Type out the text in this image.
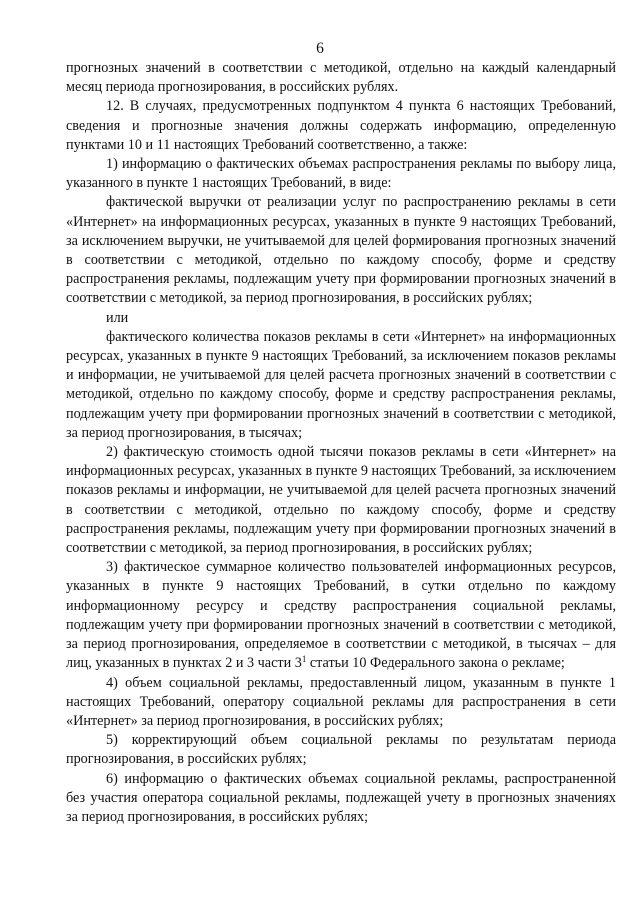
6

прогнозных значений в соответствии с методикой, отдельно на каждый календарный месяц периода прогнозирования, в российских рублях.

12. В случаях, предусмотренных подпунктом 4 пункта 6 настоящих Требований, сведения и прогнозные значения должны содержать информацию, определенную пунктами 10 и 11 настоящих Требований соответственно, а также:

1) информацию о фактических объемах распространения рекламы по выбору лица, указанного в пункте 1 настоящих Требований, в виде:

фактической выручки от реализации услуг по распространению рекламы в сети «Интернет» на информационных ресурсах, указанных в пункте 9 настоящих Требований, за исключением выручки, не учитываемой для целей формирования прогнозных значений в соответствии с методикой, отдельно по каждому способу, форме и средству распространения рекламы, подлежащим учету при формировании прогнозных значений в соответствии с методикой, за период прогнозирования, в российских рублях;

или

фактического количества показов рекламы в сети «Интернет» на информационных ресурсах, указанных в пункте 9 настоящих Требований, за исключением показов рекламы и информации, не учитываемой для целей расчета прогнозных значений в соответствии с методикой, отдельно по каждому способу, форме и средству распространения рекламы, подлежащим учету при формировании прогнозных значений в соответствии с методикой, за период прогнозирования, в тысячах;

2) фактическую стоимость одной тысячи показов рекламы в сети «Интернет» на информационных ресурсах, указанных в пункте 9 настоящих Требований, за исключением показов рекламы и информации, не учитываемой для целей расчета прогнозных значений в соответствии с методикой, отдельно по каждому способу, форме и средству распространения рекламы, подлежащим учету при формировании прогнозных значений в соответствии с методикой, за период прогнозирования, в российских рублях;

3) фактическое суммарное количество пользователей информационных ресурсов, указанных в пункте 9 настоящих Требований, в сутки отдельно по каждому информационному ресурсу и средству распространения социальной рекламы, подлежащим учету при формировании прогнозных значений в соответствии с методикой, за период прогнозирования, определяемое в соответствии с методикой, в тысячах – для лиц, указанных в пунктах 2 и 3 части $3^1$ статьи 10 Федерального закона о рекламе;

4) объем социальной рекламы, предоставленный лицом, указанным в пункте 1 настоящих Требований, оператору социальной рекламы для распространения в сети «Интернет» за период прогнозирования, в российских рублях;

5) корректирующий объем социальной рекламы по результатам периода прогнозирования, в российских рублях;

6) информацию о фактических объемах социальной рекламы, распространенной без участия оператора социальной рекламы, подлежащей учету в прогнозных значениях за период прогнозирования, в российских рублях;
